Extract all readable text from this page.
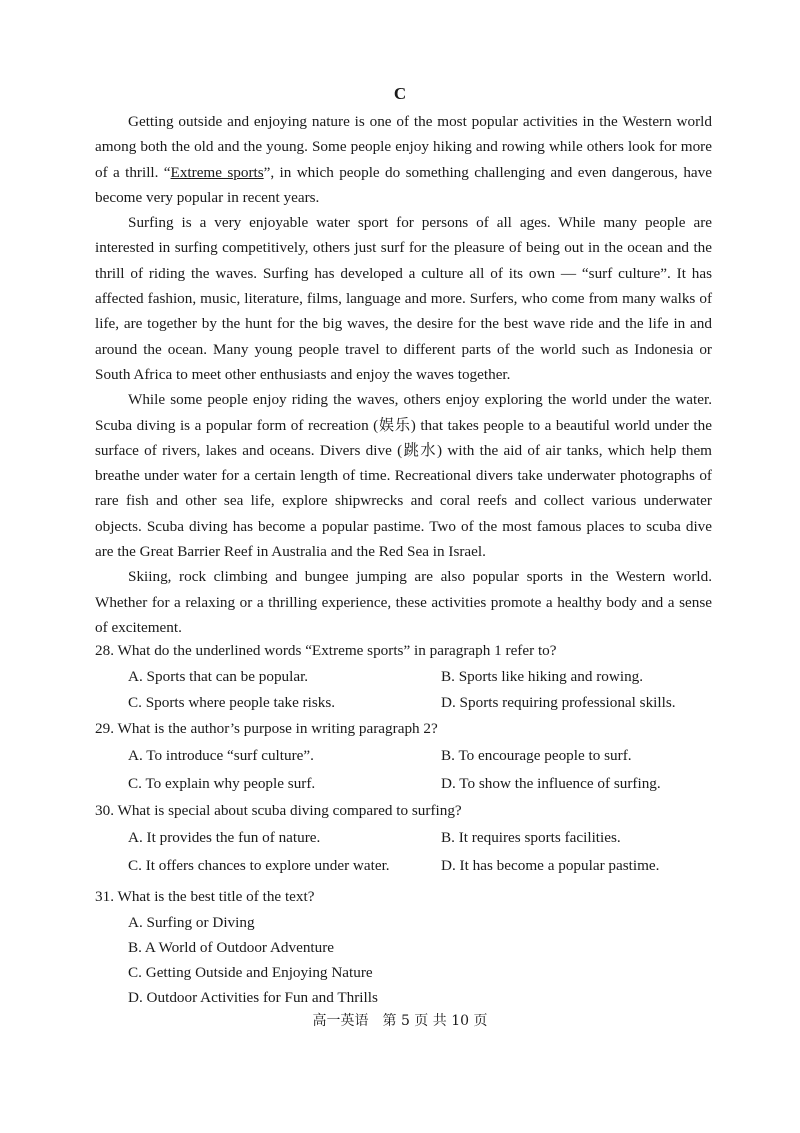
C

Getting outside and enjoying nature is one of the most popular activities in the Western world among both the old and the young. Some people enjoy hiking and rowing while others look for more of a thrill. “Extreme sports”, in which people do something challenging and even dangerous, have become very popular in recent years.

Surfing is a very enjoyable water sport for persons of all ages. While many people are interested in surfing competitively, others just surf for the pleasure of being out in the ocean and the thrill of riding the waves. Surfing has developed a culture all of its own — “surf culture”. It has affected fashion, music, literature, films, language and more. Surfers, who come from many walks of life, are together by the hunt for the big waves, the desire for the best wave ride and the life in and around the ocean. Many young people travel to different parts of the world such as Indonesia or South Africa to meet other enthusiasts and enjoy the waves together.

While some people enjoy riding the waves, others enjoy exploring the world under the water. Scuba diving is a popular form of recreation (娱乐) that takes people to a beautiful world under the surface of rivers, lakes and oceans. Divers dive (跳水) with the aid of air tanks, which help them breathe under water for a certain length of time. Recreational divers take underwater photographs of rare fish and other sea life, explore shipwrecks and coral reefs and collect various underwater objects. Scuba diving has become a popular pastime. Two of the most famous places to scuba dive are the Great Barrier Reef in Australia and the Red Sea in Israel.

Skiing, rock climbing and bungee jumping are also popular sports in the Western world. Whether for a relaxing or a thrilling experience, these activities promote a healthy body and a sense of excitement.

28. What do the underlined words “Extreme sports” in paragraph 1 refer to?
A. Sports that can be popular.	B. Sports like hiking and rowing.
C. Sports where people take risks.	D. Sports requiring professional skills.
29. What is the author’s purpose in writing paragraph 2?
A. To introduce “surf culture”.	B. To encourage people to surf.
C. To explain why people surf.	D. To show the influence of surfing.
30. What is special about scuba diving compared to surfing?
A. It provides the fun of nature.	B. It requires sports facilities.
C. It offers chances to explore under water.	D. It has become a popular pastime.
31. What is the best title of the text?
A. Surfing or Diving
B. A World of Outdoor Adventure
C. Getting Outside and Enjoying Nature
D. Outdoor Activities for Fun and Thrills
高一英语　第 5 页 共 10 页
